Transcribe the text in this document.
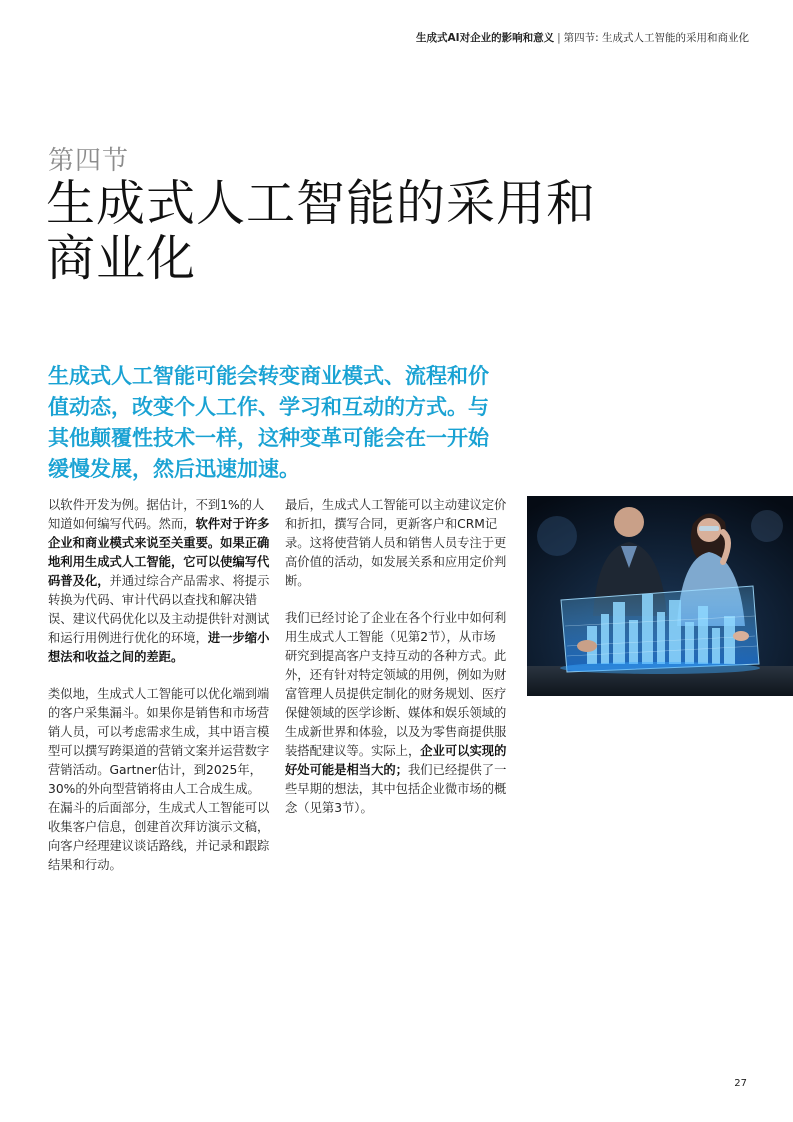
生成式AI对企业的影响和意义 | 第四节: 生成式人工智能的采用和商业化
第四节
生成式人工智能的采用和
商业化
生成式人工智能可能会转变商业模式、流程和价值动态，改变个人工作、学习和互动的方式。与其他颠覆性技术一样，这种变革可能会在一开始缓慢发展，然后迅速加速。

以软件开发为例。据估计，不到1%的人知道如何编写代码。然而，软件对于许多企业和商业模式来说至关重要。如果正确地利用生成式人工智能，它可以使编写代码普及化，并通过综合产品需求、将提示转换为代码、审计代码以查找和解决错误、建议代码优化以及主动提供针对测试和运行用例进行优化的环境，进一步缩小想法和收益之间的差距。

类似地，生成式人工智能可以优化端到端的客户采集漏斗。如果你是销售和市场营销人员，可以考虑需求生成，其中语言模型可以撰写跨渠道的营销文案并运营数字营销活动。Gartner估计，到2025年，30%的外向型营销将由人工合成生成。在漏斗的后面部分，生成式人工智能可以收集客户信息，创建首次拜访演示文稿，向客户经理建议谈话路线，并记录和跟踪结果和行动。

最后，生成式人工智能可以主动建议定价和折扣，撰写合同，更新客户和CRM记录。这将使营销人员和销售人员专注于更高价值的活动，如发展关系和应用定价判断。

我们已经讨论了企业在各个行业中如何利用生成式人工智能（见第2节），从市场研究到提高客户支持互动的各种方式。此外，还有针对特定领域的用例，例如为财富管理人员提供定制化的财务规划、医疗保健领域的医学诊断、媒体和娱乐领域的生成新世界和体验，以及为零售商提供服装搭配建议等。实际上，企业可以实现的好处可能是相当大的；我们已经提供了一些早期的想法，其中包括企业微市场的概念（见第3节）。

27
